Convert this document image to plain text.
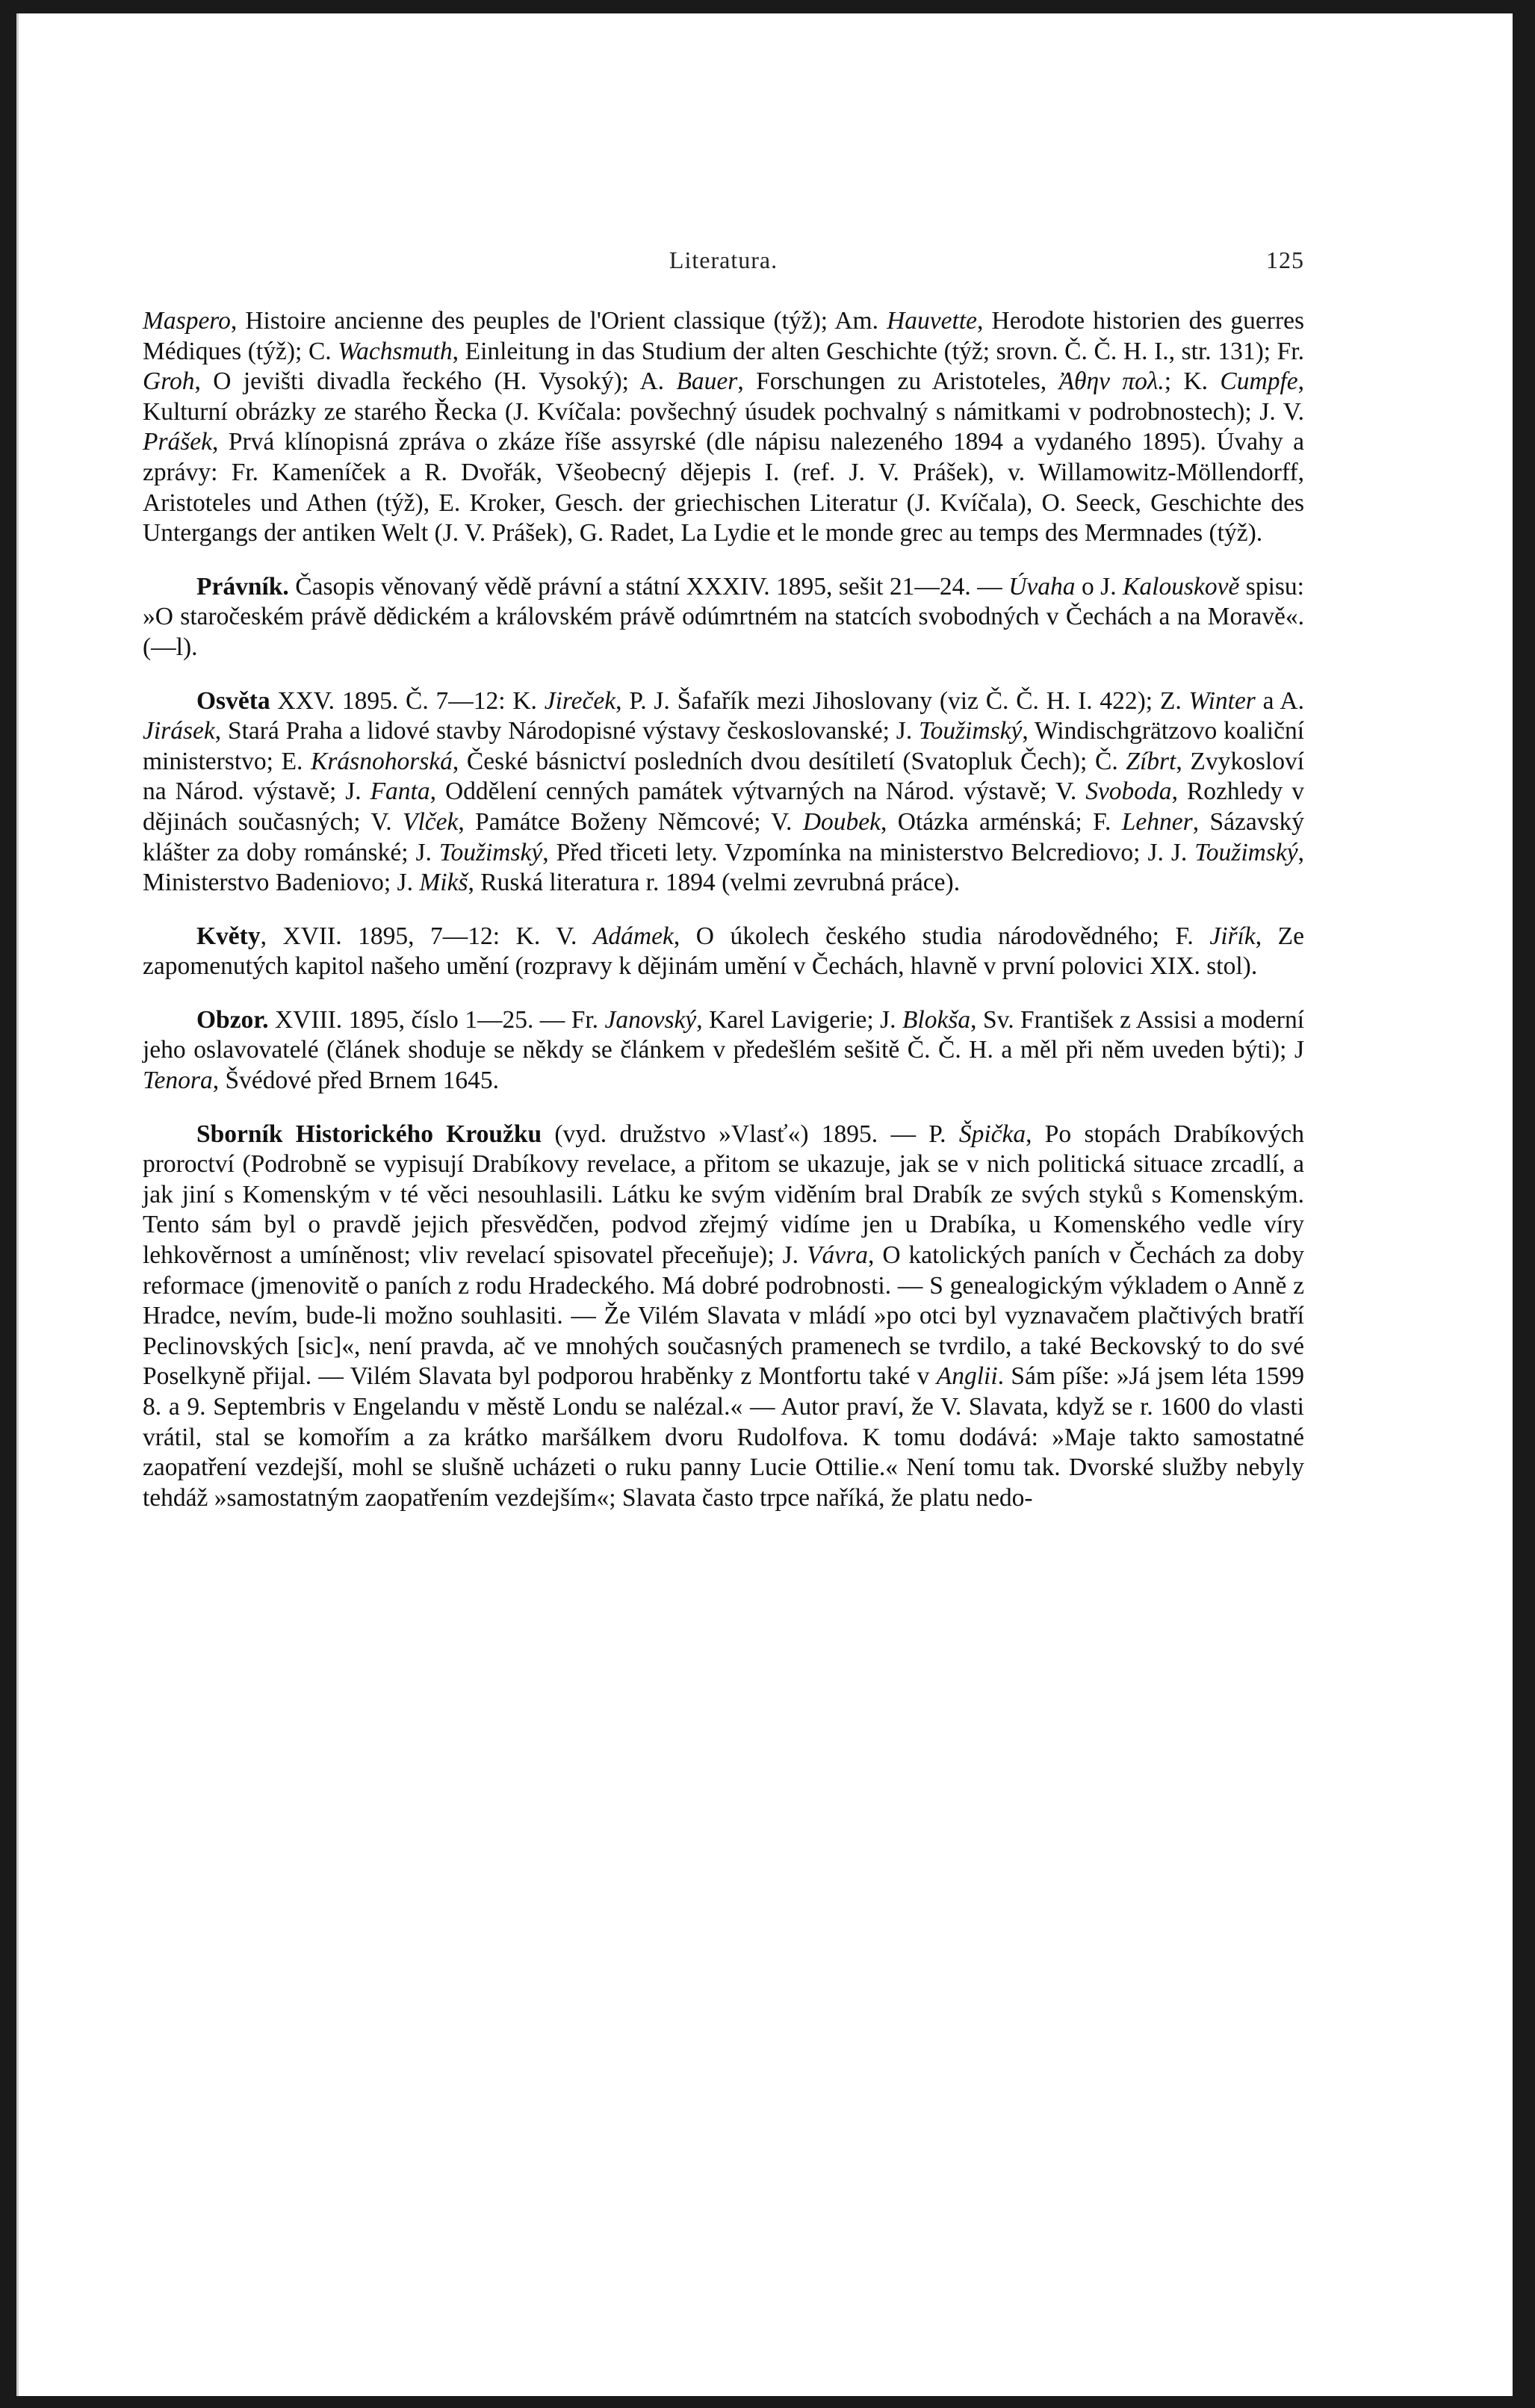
Literatura.	125

Maspero, Histoire ancienne des peuples de l'Orient classique (týž); Am. Hauvette, Herodote historien des guerres Médiques (týž); C. Wachsmuth, Einleitung in das Studium der alten Geschichte (týž; srovn. Č. Č. H. I., str. 131); Fr. Groh, O jevišti divadla řeckého (H. Vysoký); A. Bauer, Forschungen zu Aristoteles, Ἀθην πολ.; K. Cumpfe, Kulturní obrázky ze starého Řecka (J. Kvíčala: povšechný úsudek pochvalný s námitkami v podrobnostech); J. V. Prášek, Prvá klínopisná zpráva o zkáze říše assyrské (dle nápisu nalezeného 1894 a vydaného 1895). Úvahy a zprávy: Fr. Kameníček a R. Dvořák, Všeobecný dějepis I. (ref. J. V. Prášek), v. Willamowitz-Möllendorff, Aristoteles und Athen (týž), E. Kroker, Gesch. der griechischen Literatur (J. Kvíčala), O. Seeck, Geschichte des Untergangs der antiken Welt (J. V. Prášek), G. Radet, La Lydie et le monde grec au temps des Mermnades (týž).

Právník. Časopis věnovaný vědě právní a státní XXXIV. 1895, sešit 21—24. — Úvaha o J. Kalouskově spisu: »O staročeském právě dědickém a královském právě odúmrtném na statcích svobodných v Čechách a na Moravě«. (—l).

Osvěta XXV. 1895. Č. 7—12: K. Jireček, P. J. Šafařík mezi Jihoslovany (viz Č. Č. H. I. 422); Z. Winter a A. Jirásek, Stará Praha a lidové stavby Národopisné výstavy českoslovanské; J. Toužimský, Windischgrätzovo koaliční ministerstvo; E. Krásnohorská, České básnictví posledních dvou desítiletí (Svatopluk Čech); Č. Zíbrt, Zvykosloví na Národ. výstavě; J. Fanta, Oddělení cenných památek výtvarných na Národ. výstavě; V. Svoboda, Rozhledy v dějinách současných; V. Vlček, Památce Boženy Němcové; V. Doubek, Otázka arménská; F. Lehner, Sázavský klášter za doby románské; J. Toužimský, Před třiceti lety. Vzpomínka na ministerstvo Belcrediovo; J. J. Toužimský, Ministerstvo Badeniovo; J. Mikš, Ruská literatura r. 1894 (velmi zevrubná práce).

Květy, XVII. 1895, 7—12: K. V. Adámek, O úkolech českého studia národovědného; F. Jiřík, Ze zapomenutých kapitol našeho umění (rozpravy k dějinám umění v Čechách, hlavně v první polovici XIX. stol).

Obzor. XVIII. 1895, číslo 1—25. — Fr. Janovský, Karel Lavigerie; J. Blokša, Sv. František z Assisi a moderní jeho oslavovatelé (článek shoduje se někdy se článkem v předešlém sešitě Č. Č. H. a měl při něm uveden býti); J Tenora, Švédové před Brnem 1645.

Sborník Historického Kroužku (vyd. družstvo »Vlasť«) 1895. — P. Špička, Po stopách Drabíkových proroctví (Podrobně se vypisují Drabíkovy revelace, a přitom se ukazuje, jak se v nich politická situace zrcadlí, a jak jiní s Komenským v té věci nesouhlasili. Látku ke svým viděním bral Drabík ze svých styků s Komenským. Tento sám byl o pravdě jejich přesvědčen, podvod zřejmý vidíme jen u Drabíka, u Komenského vedle víry lehkověrnost a umíněnost; vliv revelací spisovatel přeceňuje); J. Vávra, O katolických paních v Čechách za doby reformace (jmenovitě o paních z rodu Hradeckého. Má dobré podrobnosti. — S genealogickým výkladem o Anně z Hradce, nevím, bude-li možno souhlasiti. — Že Vilém Slavata v mládí »po otci byl vyznavačem plačtivých bratří Peclinovských [sic]«, není pravda, ač ve mnohých současných pramenech se tvrdilo, a také Beckovský to do své Poselkyně přijal. — Vilém Slavata byl podporou hraběnky z Montfortu také v Anglii. Sám píše: »Já jsem léta 1599 8. a 9. Septembris v Engelandu v městě Londu se nalézal.« — Autor praví, že V. Slavata, když se r. 1600 do vlasti vrátil, stal se komořím a za krátko maršálkem dvoru Rudolfova. K tomu dodává: »Maje takto samostatné zaopatření vezdejší, mohl se slušně ucházeti o ruku panny Lucie Ottilie.« Není tomu tak. Dvorské služby nebyly tehdáž »samostatným zaopatřením vezdejším«; Slavata často trpce naříká, že platu nedo-
